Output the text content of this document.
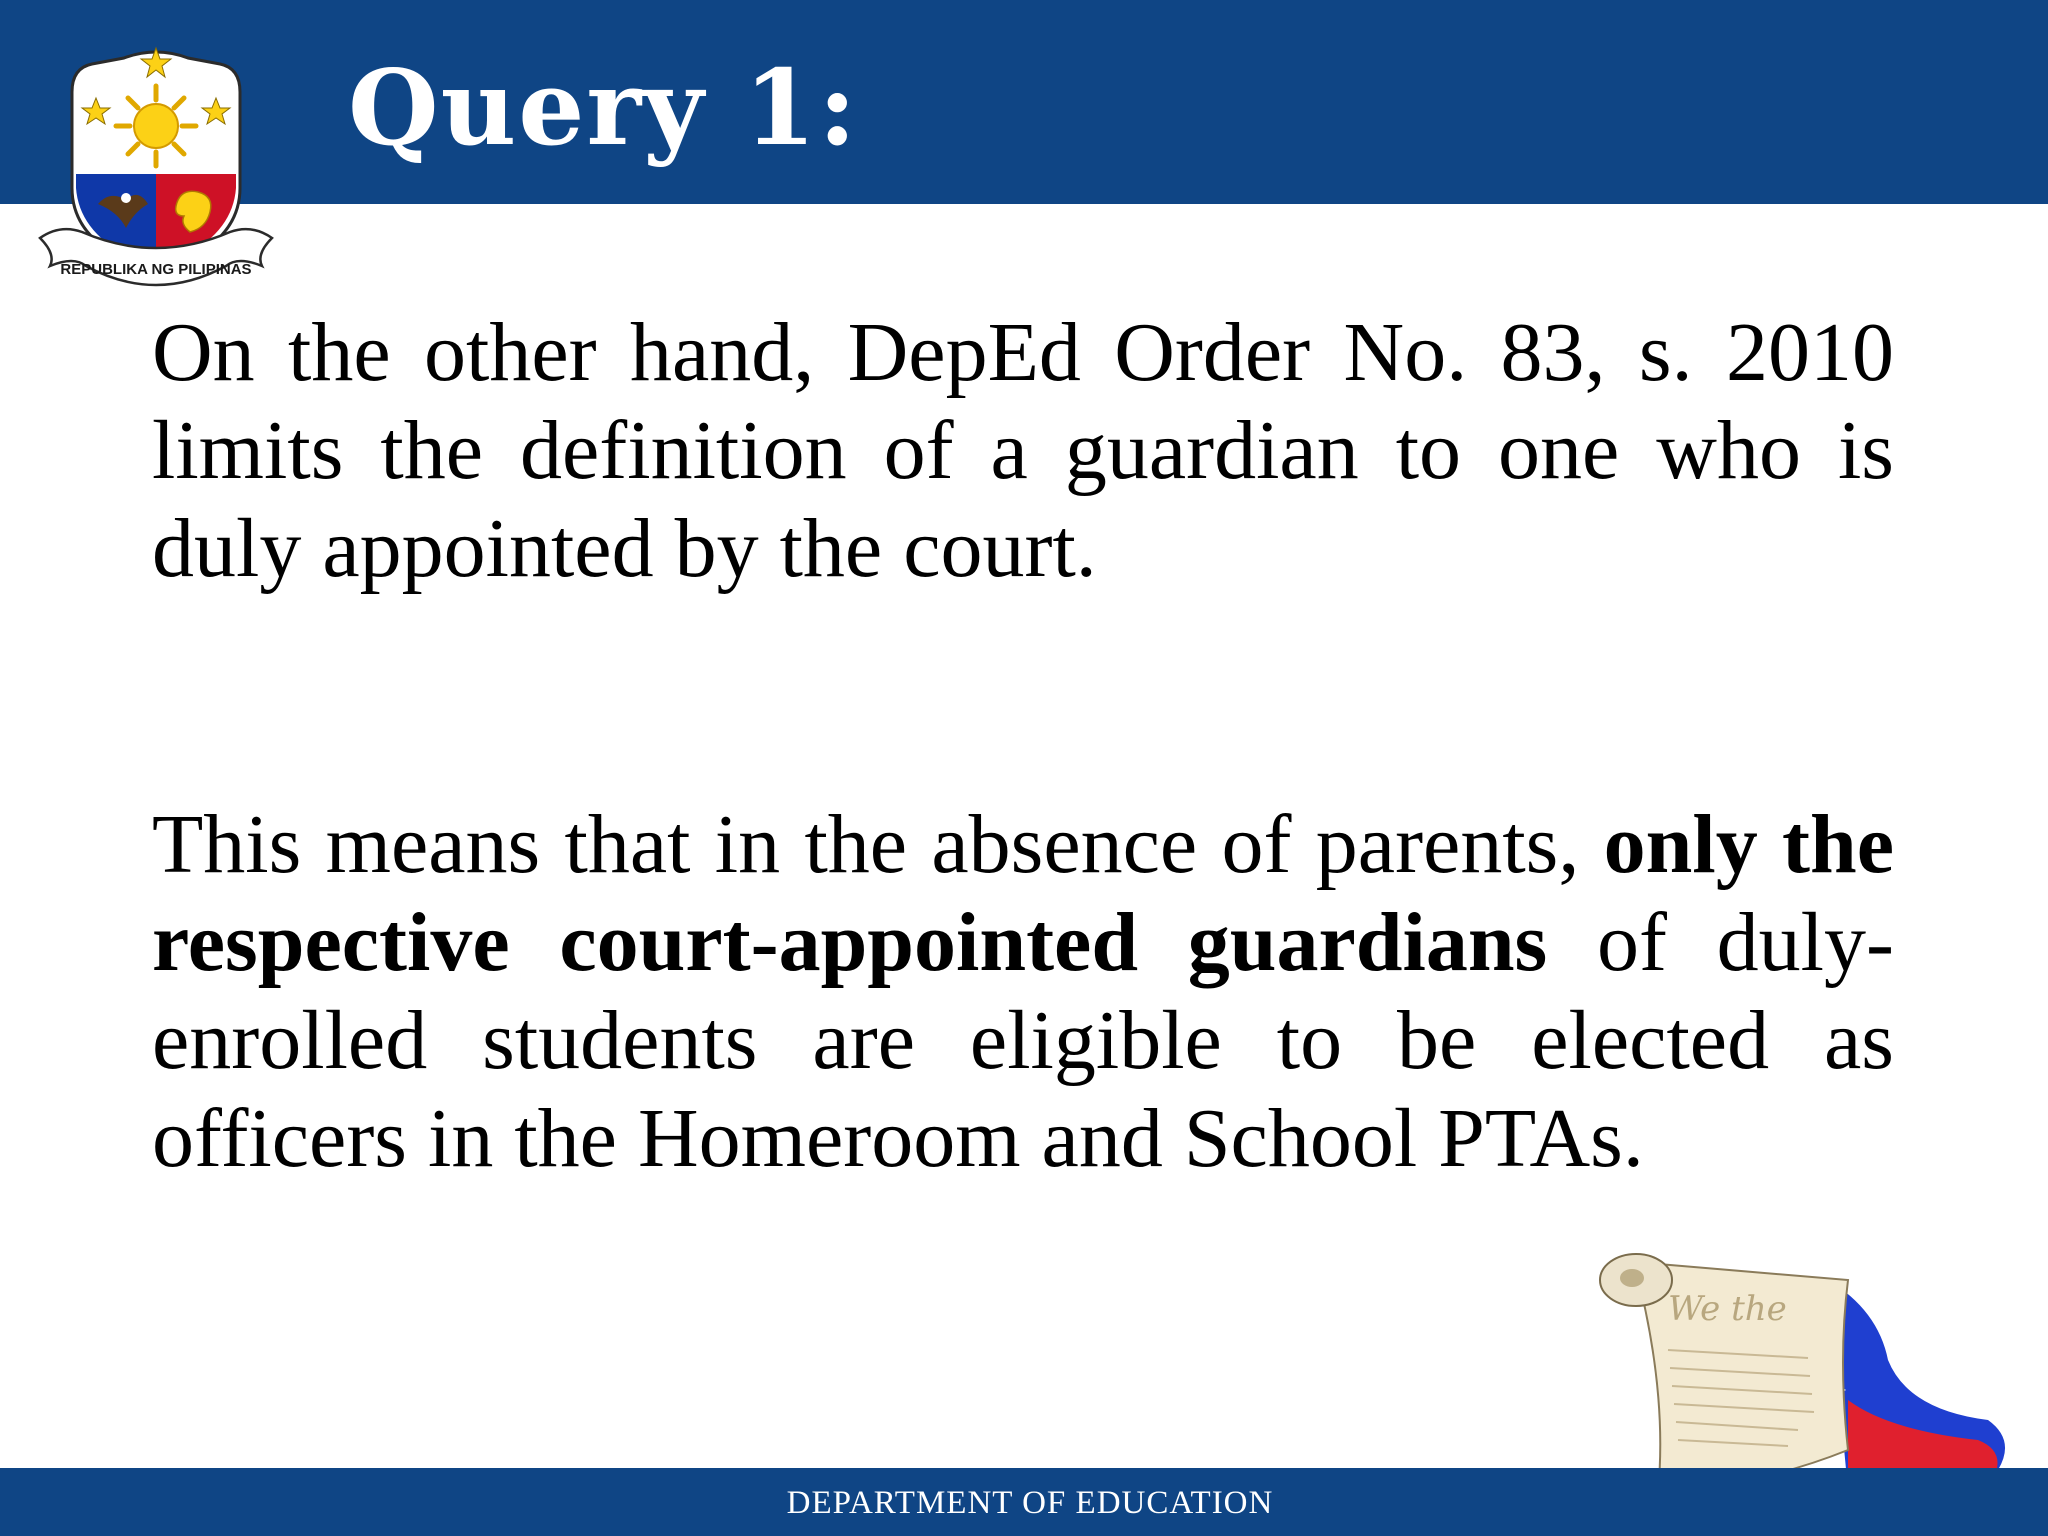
REPUBLIKA NG PILIPINAS
Query 1:

On the other hand, DepEd Order No. 83, s. 2010 limits the definition of a guardian to one who is duly appointed by the court.

This means that in the absence of parents, only the respective court-appointed guardians of duly-enrolled students are eligible to be elected as officers in the Homeroom and School PTAs.

We the
DEPARTMENT OF EDUCATION
